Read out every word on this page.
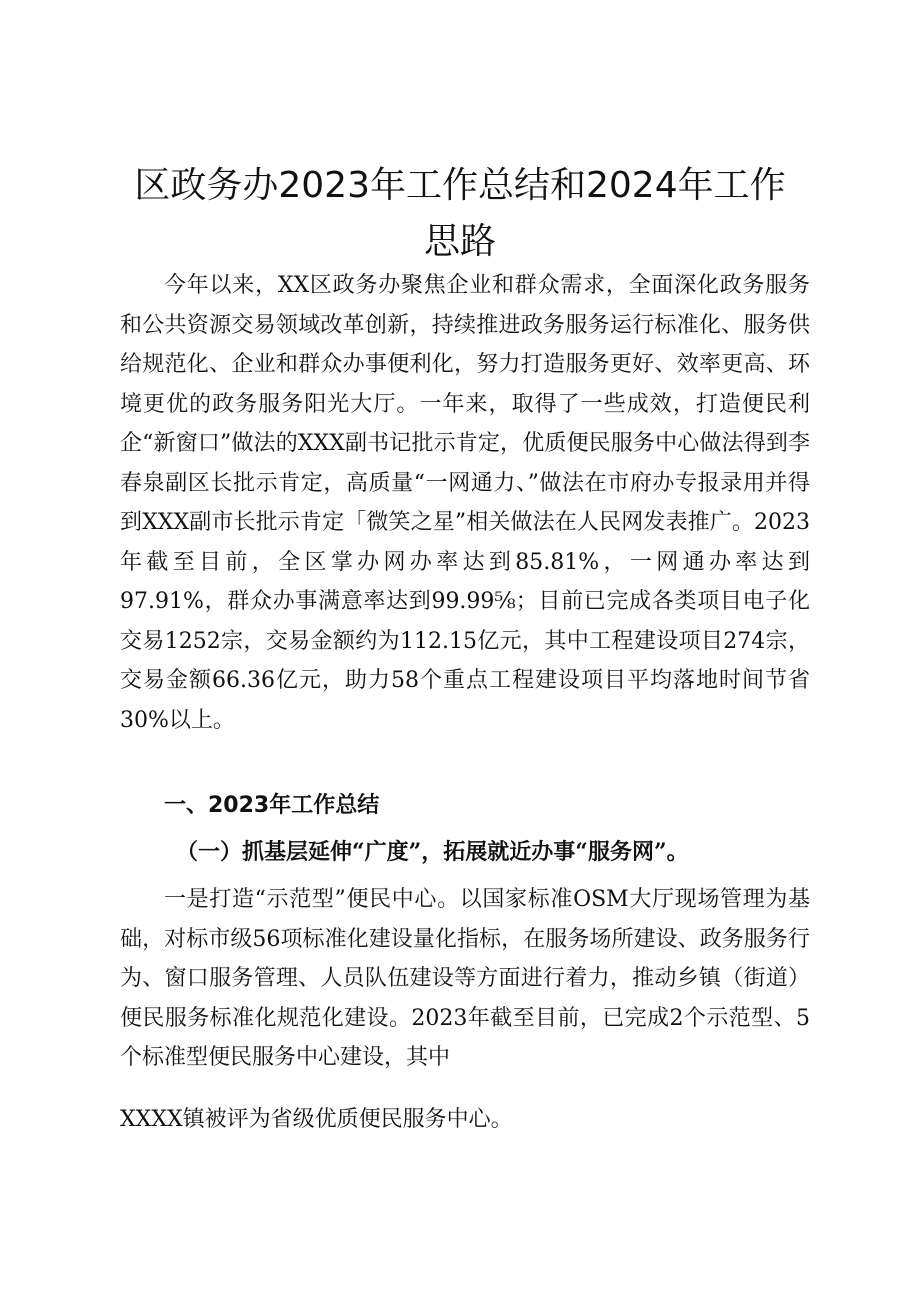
区政务办2023年工作总结和2024年工作思路

今年以来，XX区政务办聚焦企业和群众需求，全面深化政务服务和公共资源交易领域改革创新，持续推进政务服务运行标准化、服务供给规范化、企业和群众办事便利化，努力打造服务更好、效率更高、环境更优的政务服务阳光大厅。一年来，取得了一些成效，打造便民利企“新窗口”做法的XXX副书记批示肯定，优质便民服务中心做法得到李春泉副区长批示肯定，高质量“一网通力、”做法在市府办专报录用并得到XXX副市长批示肯定「微笑之星”相关做法在人民网发表推广。2023年截至目前，全区掌办网办率达到85.81%，一网通办率达到97.91%，群众办事满意率达到99.99⅝；目前已完成各类项目电子化交易1252宗，交易金额约为112.15亿元，其中工程建设项目274宗，交易金额66.36亿元，助力58个重点工程建设项目平均落地时间节省30%以上。

一、2023年工作总结
（一）抓基层延伸“广度”，拓展就近办事“服务网”。

一是打造“示范型”便民中心。以国家标准OSM大厅现场管理为基础，对标市级56项标准化建设量化指标，在服务场所建设、政务服务行为、窗口服务管理、人员队伍建设等方面进行着力，推动乡镇（街道）便民服务标准化规范化建设。2023年截至目前，已完成2个示范型、5个标准型便民服务中心建设，其中

XXXX镇被评为省级优质便民服务中心。
